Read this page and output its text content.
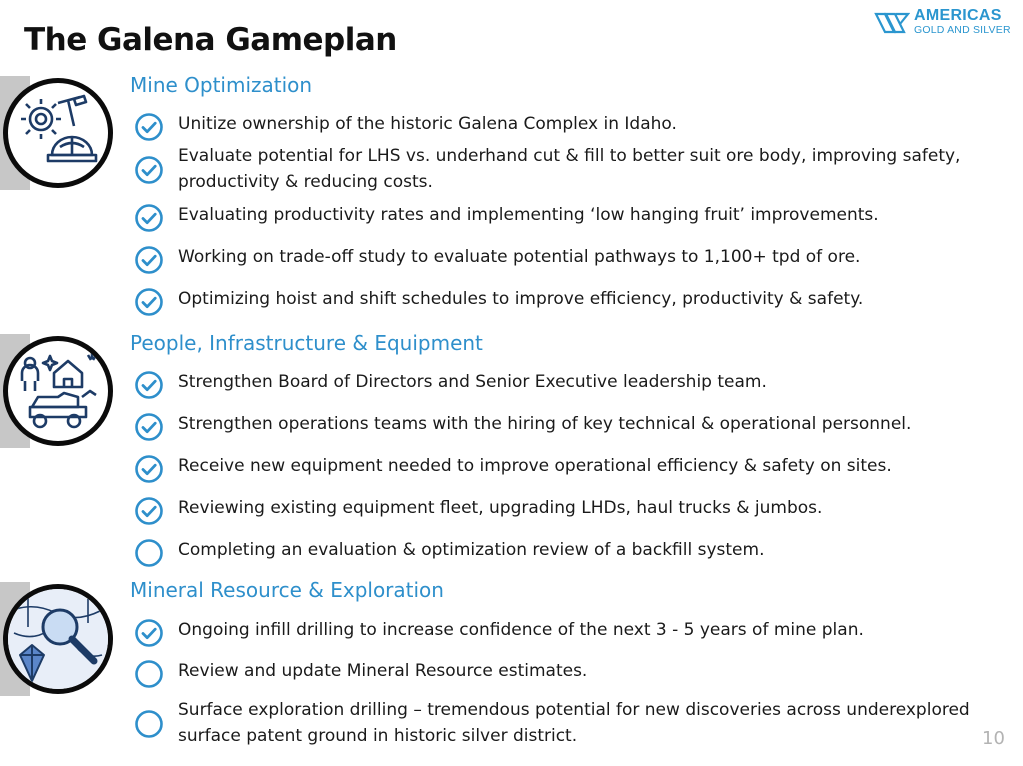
The Galena Gameplan
AMERICAS
GOLD AND SILVER
Mine Optimization
Unitize ownership of the historic Galena Complex in Idaho.
Evaluate potential for LHS vs. underhand cut & fill to better suit ore body, improving safety, productivity & reducing costs.
Evaluating productivity rates and implementing ‘low hanging fruit’ improvements.
Working on trade-off study to evaluate potential pathways to 1,100+ tpd of ore.
Optimizing hoist and shift schedules to improve efficiency, productivity & safety.
People, Infrastructure & Equipment
Strengthen Board of Directors and Senior Executive leadership team.
Strengthen operations teams with the hiring of key technical & operational personnel.
Receive new equipment needed to improve operational efficiency & safety on sites.
Reviewing existing equipment fleet, upgrading LHDs, haul trucks & jumbos.
Completing an evaluation & optimization review of a backfill system.
Mineral Resource & Exploration
Ongoing infill drilling to increase confidence of the next 3 - 5 years of mine plan.
Review and update Mineral Resource estimates.
Surface exploration drilling – tremendous potential for new discoveries across underexplored surface patent ground in historic silver district.	10
